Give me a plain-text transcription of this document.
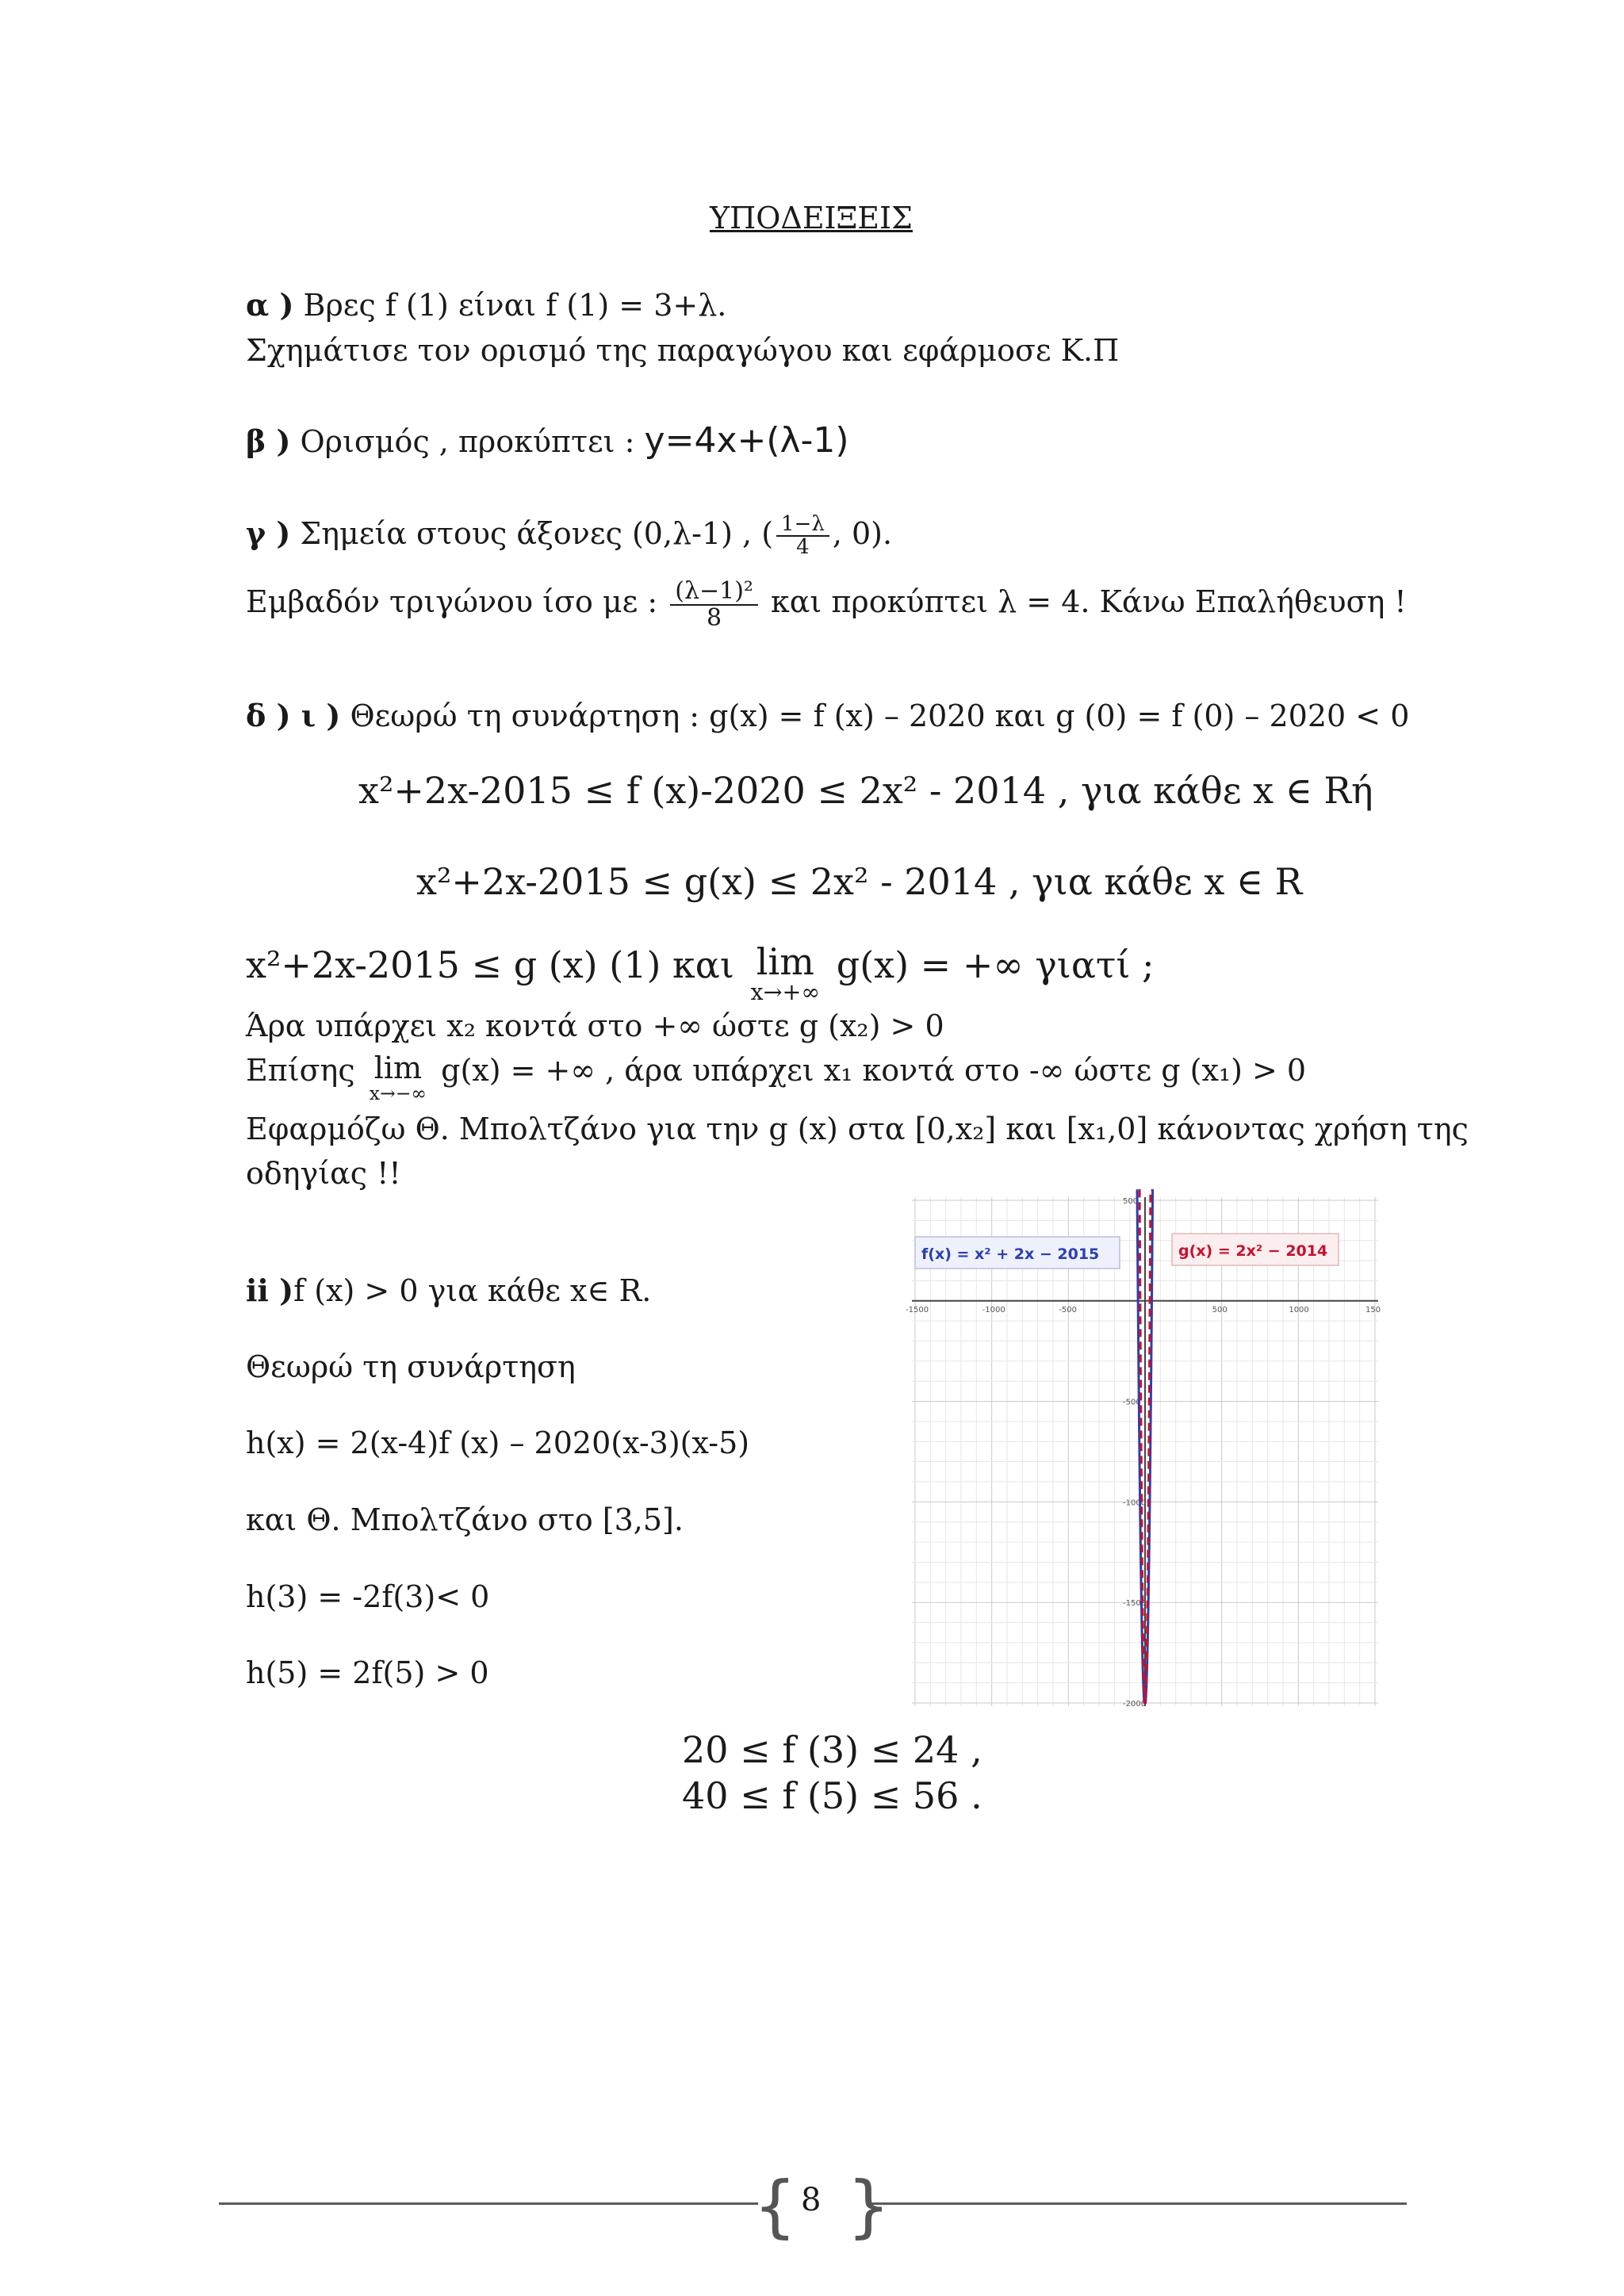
ΥΠΟΔΕΙΞΕΙΣ
α ) Βρες f (1) είναι f (1) = 3+λ.
Σχημάτισε τον ορισμό της παραγώγου και εφάρμοσε Κ.Π
β ) Ορισμός , προκύπτει : y=4x+(λ-1)
γ ) Σημεία στους άξονες (0,λ-1) , ( $\frac{1-\lambda}{4}$ , 0).
Εμβαδόν τριγώνου ίσο με : $\frac{\text{(λ−1)²}}{8}$ και προκύπτει λ = 4. Κάνω Επαλήθευση !
δ ) ι ) Θεωρώ τη συνάρτηση : g(x) = f (x) – 2020 και g (0) = f (0) – 2020 < 0
x²+2x-2015 ≤ f (x)-2020 ≤ 2x² - 2014 , για κάθε x ∈ Rή
x²+2x-2015 ≤ g(x) ≤ 2x² - 2014 , για κάθε x ∈ R
x²+2x-2015 ≤ g (x) (1) και lim
x→+∞
g(x) = +∞ γιατί ;
Άρα υπάρχει x₂ κοντά στο +∞ ώστε g (x₂) > 0
Επίσης lim
x→−∞
g(x) = +∞ , άρα υπάρχει x₁ κοντά στο -∞ ώστε g (x₁) > 0
Εφαρμόζω Θ. Μπολτζάνο για την g (x) στα [0,x₂] και [x₁,0] κάνοντας χρήση της
οδηγίας !!
ii )f (x) > 0 για κάθε x∈ R.
Θεωρώ τη συνάρτηση
h(x) = 2(x-4)f (x) – 2020(x-3)(x-5)
και Θ. Μπολτζάνο στο [3,5].
h(3) = -2f(3)< 0
h(5) = 2f(5) > 0
-1500	-1000	-500	500	1000	150
500
-500
-1000
-1500
-2000
f(x) = x² + 2x − 2015	g(x) = 2x² − 2014
20 ≤ f (3) ≤ 24 ,
40 ≤ f (5) ≤ 56 .
{ }
8
